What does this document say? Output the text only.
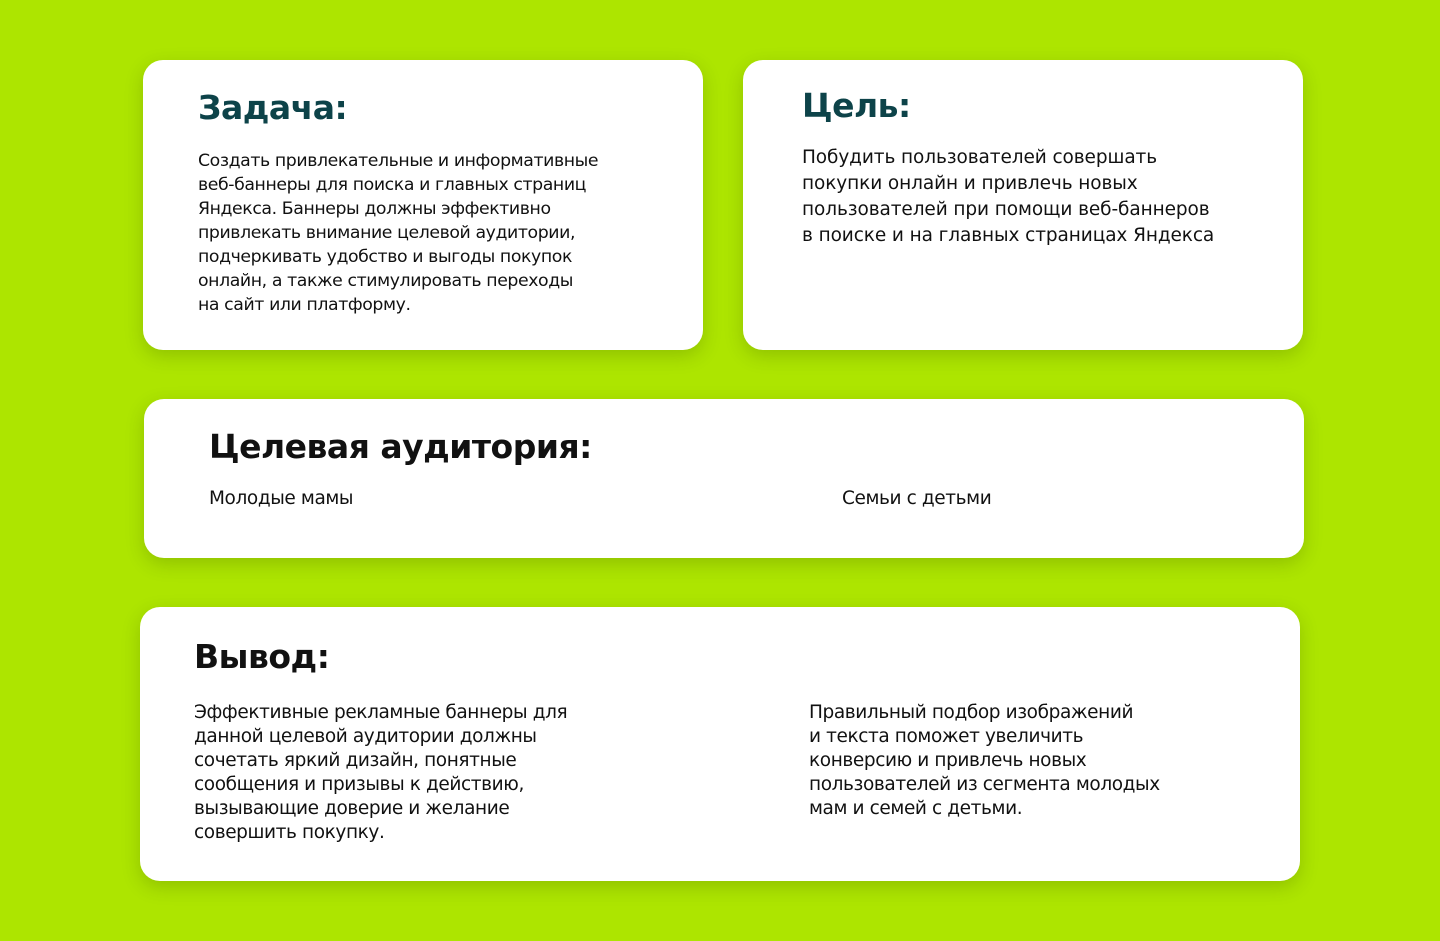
Задача:

Создать привлекательные и информативные
веб-баннеры для поиска и главных страниц
Яндекса. Баннеры должны эффективно
привлекать внимание целевой аудитории,
подчеркивать удобство и выгоды покупок
онлайн, а также стимулировать переходы
на сайт или платформу.

Цель:

Побудить пользователей совершать
покупки онлайн и привлечь новых
пользователей при помощи веб-баннеров
в поиске и на главных страницах Яндекса

Целевая аудитория:

Молодые мамы	Семьи с детьми

Вывод:

Эффективные рекламные баннеры для
данной целевой аудитории должны
сочетать яркий дизайн, понятные
сообщения и призывы к действию,
вызывающие доверие и желание
совершить покупку.

Правильный подбор изображений
и текста поможет увеличить
конверсию и привлечь новых
пользователей из сегмента молодых
мам и семей с детьми.
